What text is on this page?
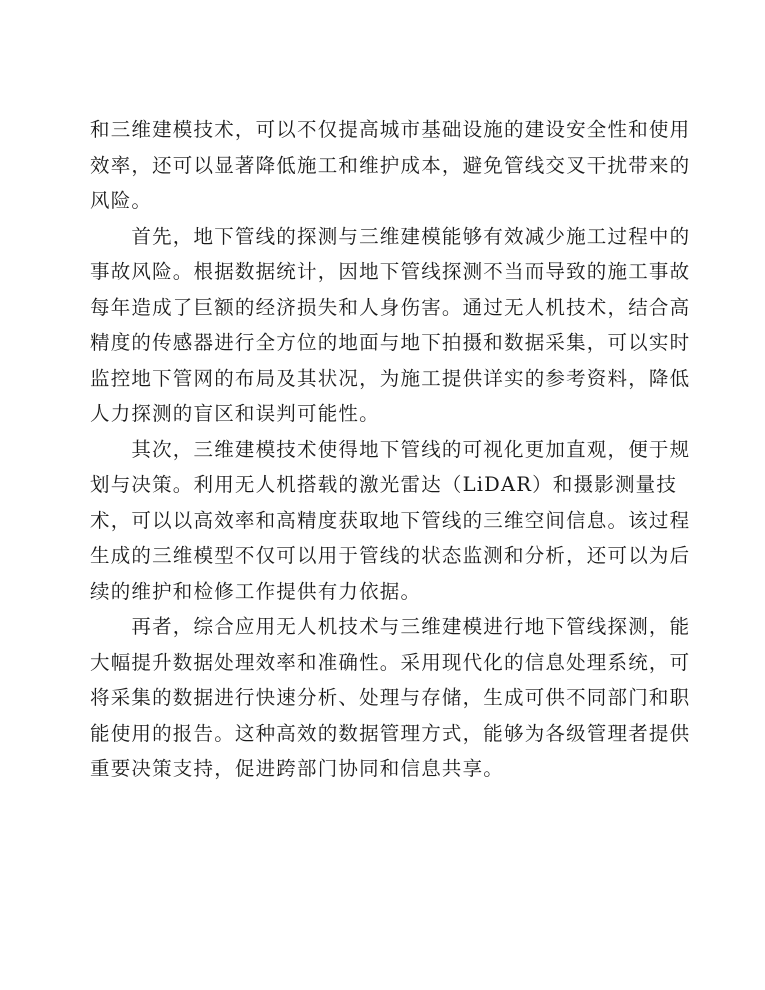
和三维建模技术，可以不仅提高城市基础设施的建设安全性和使用
效率，还可以显著降低施工和维护成本，避免管线交叉干扰带来的
风险。
　　首先，地下管线的探测与三维建模能够有效减少施工过程中的
事故风险。根据数据统计，因地下管线探测不当而导致的施工事故
每年造成了巨额的经济损失和人身伤害。通过无人机技术，结合高
精度的传感器进行全方位的地面与地下拍摄和数据采集，可以实时
监控地下管网的布局及其状况，为施工提供详实的参考资料，降低
人力探测的盲区和误判可能性。
　　其次，三维建模技术使得地下管线的可视化更加直观，便于规
划与决策。利用无人机搭载的激光雷达（LiDAR）和摄影测量技
术，可以以高效率和高精度获取地下管线的三维空间信息。该过程
生成的三维模型不仅可以用于管线的状态监测和分析，还可以为后
续的维护和检修工作提供有力依据。
　　再者，综合应用无人机技术与三维建模进行地下管线探测，能
大幅提升数据处理效率和准确性。采用现代化的信息处理系统，可
将采集的数据进行快速分析、处理与存储，生成可供不同部门和职
能使用的报告。这种高效的数据管理方式，能够为各级管理者提供
重要决策支持，促进跨部门协同和信息共享。
